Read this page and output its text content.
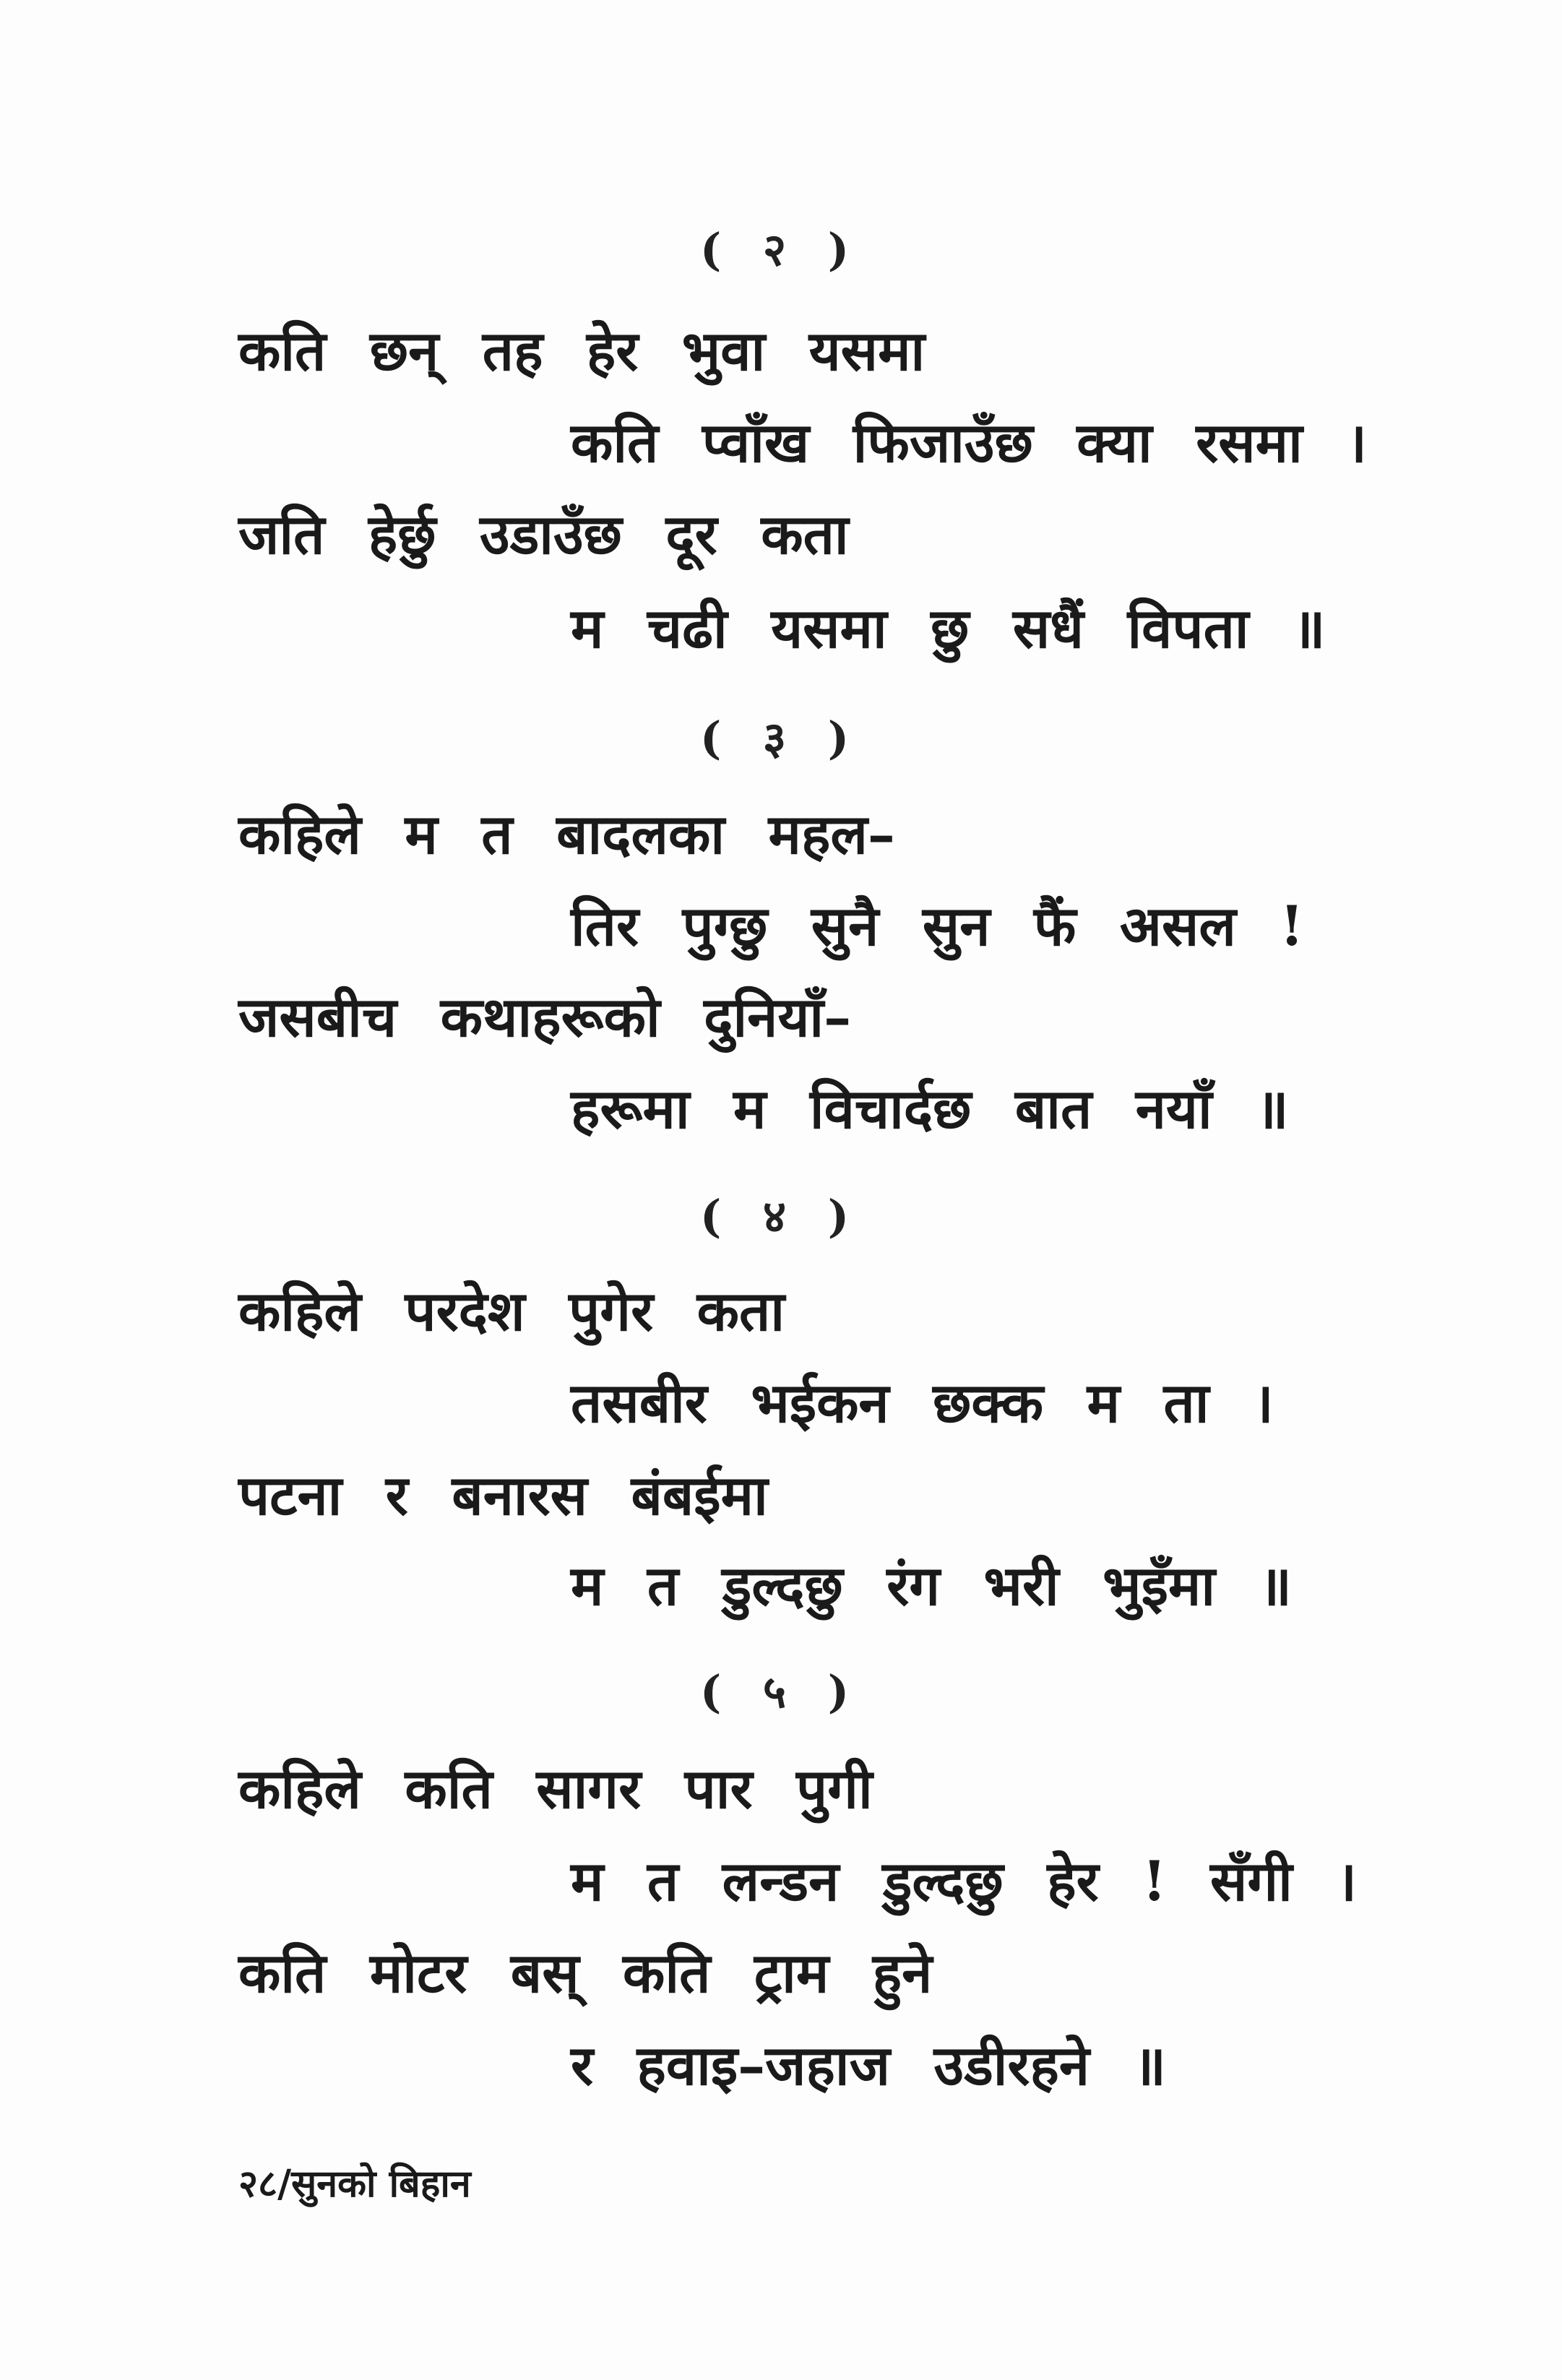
( २ )
कति छन् तह हेर भुवा यसमा
कति प्वाँख फिजाउँछ क्या रसमा ।
जति हेर्छु उडाउँछ दूर कता
म चढी यसमा छु सधैं विपता ॥
( ३ )
कहिले म त बादलका महल–
तिर पुग्छु सुनै सुन फैं असल !
जसबीच कथाहरूको दुनियाँ–
हरूमा म विचार्दछ बात नयाँ ॥
( ४ )
कहिले परदेश पुगेर कता
तसबीर भईकन छक्क म ता ।
पटना र बनारस बंबईमा
म त डुल्दछु रंग भरी भुइँमा ॥
( ५ )
कहिले कति सागर पार पुगी
म त लन्डन डुल्दछु हेर ! सँगी ।
कति मोटर बस् कति ट्राम हुने
र हवाइ–जहाज उडीरहने ॥
२८/सुनको बिहान
